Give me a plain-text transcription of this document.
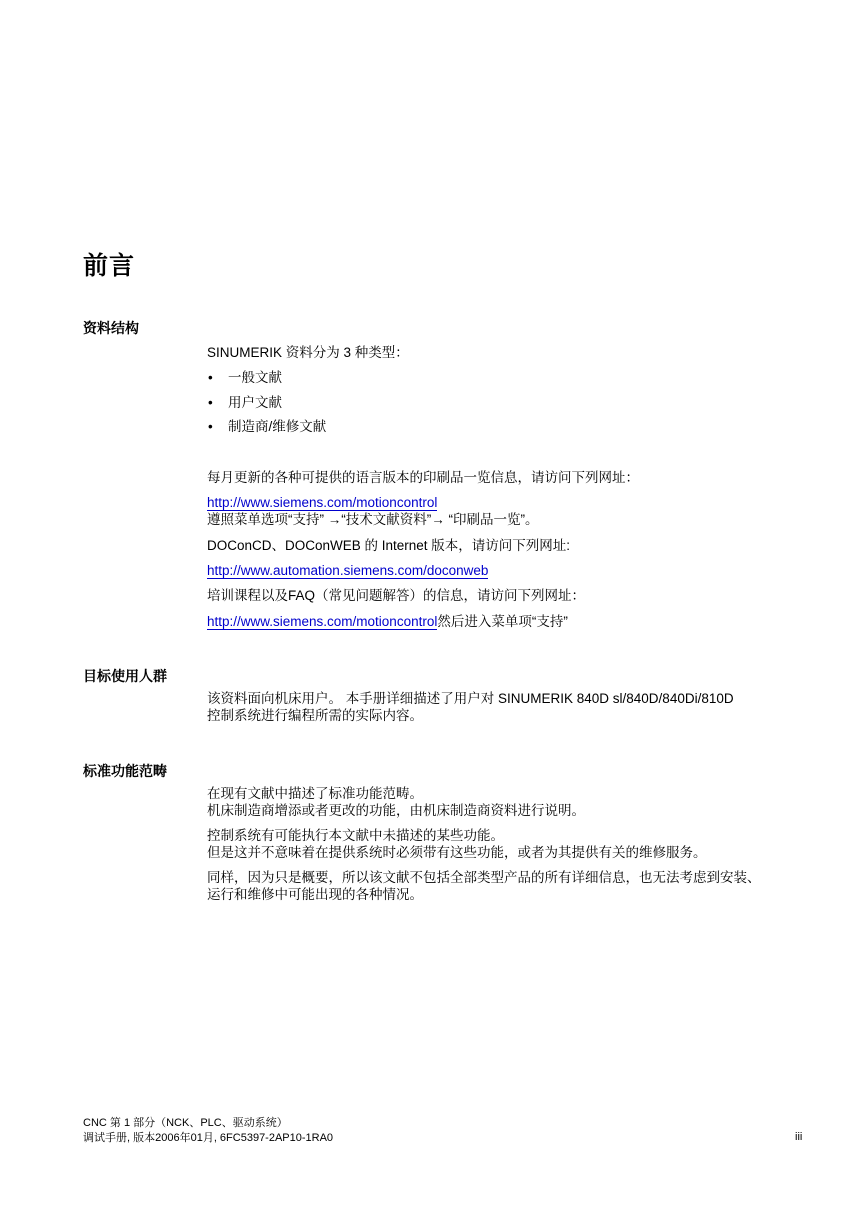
前言
资料结构
SINUMERIK 资料分为 3 种类型：
• 一般文献
• 用户文献
• 制造商/维修文献
每月更新的各种可提供的语言版本的印刷品一览信息，请访问下列网址：
http://www.siemens.com/motioncontrol
遵照菜单选项“支持” →“技术文献资料”→ “印刷品一览”。
DOConCD、DOConWEB 的 Internet 版本，请访问下列网址:
http://www.automation.siemens.com/doconweb
培训课程以及FAQ（常见问题解答）的信息，请访问下列网址：
http://www.siemens.com/motioncontrol然后进入菜单项“支持”
目标使用人群
该资料面向机床用户。 本手册详细描述了用户对 SINUMERIK 840D sl/840D/840Di/810D
控制系统进行编程所需的实际内容。
标准功能范畴
在现有文献中描述了标准功能范畴。
机床制造商增添或者更改的功能，由机床制造商资料进行说明。
控制系统有可能执行本文献中未描述的某些功能。
但是这并不意味着在提供系统时必须带有这些功能，或者为其提供有关的维修服务。
同样，因为只是概要，所以该文献不包括全部类型产品的所有详细信息，也无法考虑到安装、
运行和维修中可能出现的各种情况。
CNC 第 1 部分（NCK、PLC、驱动系统）
调试手册, 版本2006年01月, 6FC5397-2AP10-1RA0	iii
